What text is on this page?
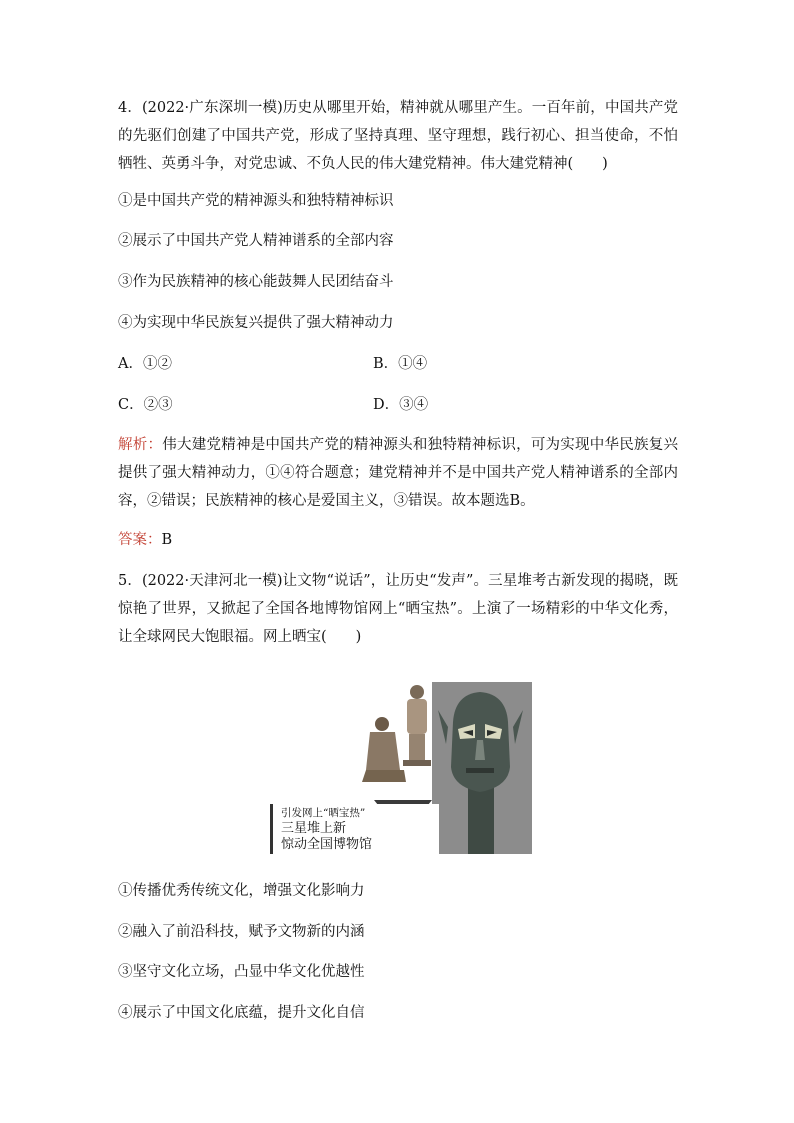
4．(2022·广东深圳一模)历史从哪里开始，精神就从哪里产生。一百年前，中国共产党的先驱们创建了中国共产党，形成了坚持真理、坚守理想，践行初心、担当使命，不怕牺牲、英勇斗争，对党忠诚、不负人民的伟大建党精神。伟大建党精神(　　)
①是中国共产党的精神源头和独特精神标识
②展示了中国共产党人精神谱系的全部内容
③作为民族精神的核心能鼓舞人民团结奋斗
④为实现中华民族复兴提供了强大精神动力
A．①②	B．①④
C．②③	D．③④
解析：伟大建党精神是中国共产党的精神源头和独特精神标识，可为实现中华民族复兴提供了强大精神动力，①④符合题意；建党精神并不是中国共产党人精神谱系的全部内容，②错误；民族精神的核心是爱国主义，③错误。故本题选B。
答案：B
5．(2022·天津河北一模)让文物“说话”，让历史“发声”。三星堆考古新发现的揭晓，既惊艳了世界，又掀起了全国各地博物馆网上“晒宝热”。上演了一场精彩的中华文化秀，让全球网民大饱眼福。网上晒宝(　　)
引发网上“晒宝热”
三星堆上新
惊动全国博物馆
①传播优秀传统文化，增强文化影响力
②融入了前沿科技，赋予文物新的内涵
③坚守文化立场，凸显中华文化优越性
④展示了中国文化底蕴，提升文化自信
